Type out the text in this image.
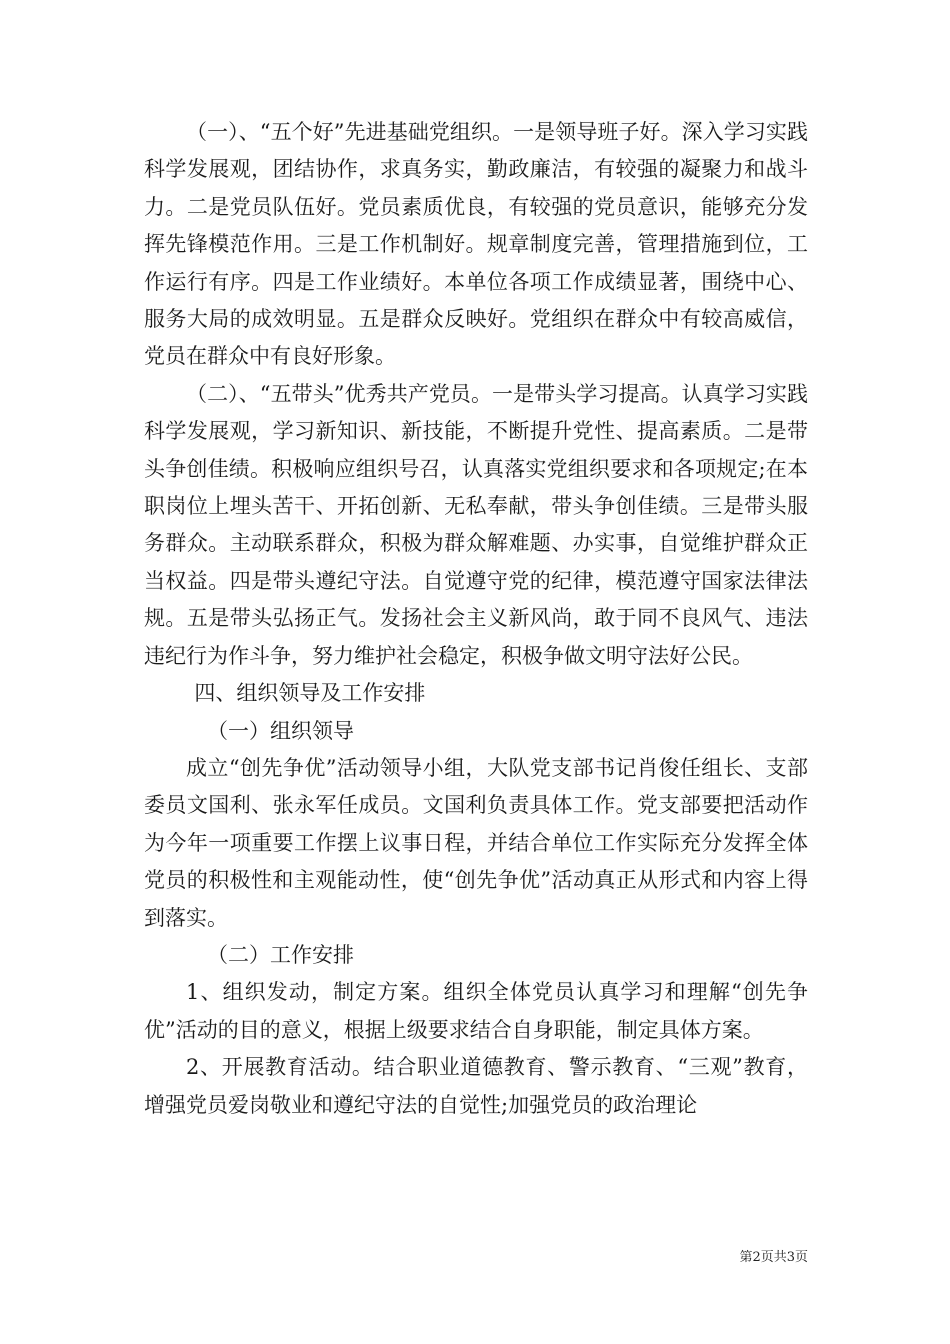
（一）、“五个好”先进基础党组织。一是领导班子好。深入学习实践科学发展观，团结协作，求真务实，勤政廉洁，有较强的凝聚力和战斗力。二是党员队伍好。党员素质优良，有较强的党员意识，能够充分发挥先锋模范作用。三是工作机制好。规章制度完善，管理措施到位，工作运行有序。四是工作业绩好。本单位各项工作成绩显著，围绕中心、服务大局的成效明显。五是群众反映好。党组织在群众中有较高威信，党员在群众中有良好形象。

（二）、“五带头”优秀共产党员。一是带头学习提高。认真学习实践科学发展观，学习新知识、新技能，不断提升党性、提高素质。二是带头争创佳绩。积极响应组织号召，认真落实党组织要求和各项规定;在本职岗位上埋头苦干、开拓创新、无私奉献，带头争创佳绩。三是带头服务群众。主动联系群众，积极为群众解难题、办实事，自觉维护群众正当权益。四是带头遵纪守法。自觉遵守党的纪律，模范遵守国家法律法规。五是带头弘扬正气。发扬社会主义新风尚，敢于同不良风气、违法违纪行为作斗争，努力维护社会稳定，积极争做文明守法好公民。

四、组织领导及工作安排

（一）组织领导

成立“创先争优”活动领导小组，大队党支部书记肖俊任组长、支部委员文国利、张永军任成员。文国利负责具体工作。党支部要把活动作为今年一项重要工作摆上议事日程，并结合单位工作实际充分发挥全体党员的积极性和主观能动性，使“创先争优”活动真正从形式和内容上得到落实。

（二）工作安排

1、组织发动，制定方案。组织全体党员认真学习和理解“创先争优”活动的目的意义，根据上级要求结合自身职能，制定具体方案。

2、开展教育活动。结合职业道德教育、警示教育、“三观”教育，增强党员爱岗敬业和遵纪守法的自觉性;加强党员的政治理论

第2页共3页
